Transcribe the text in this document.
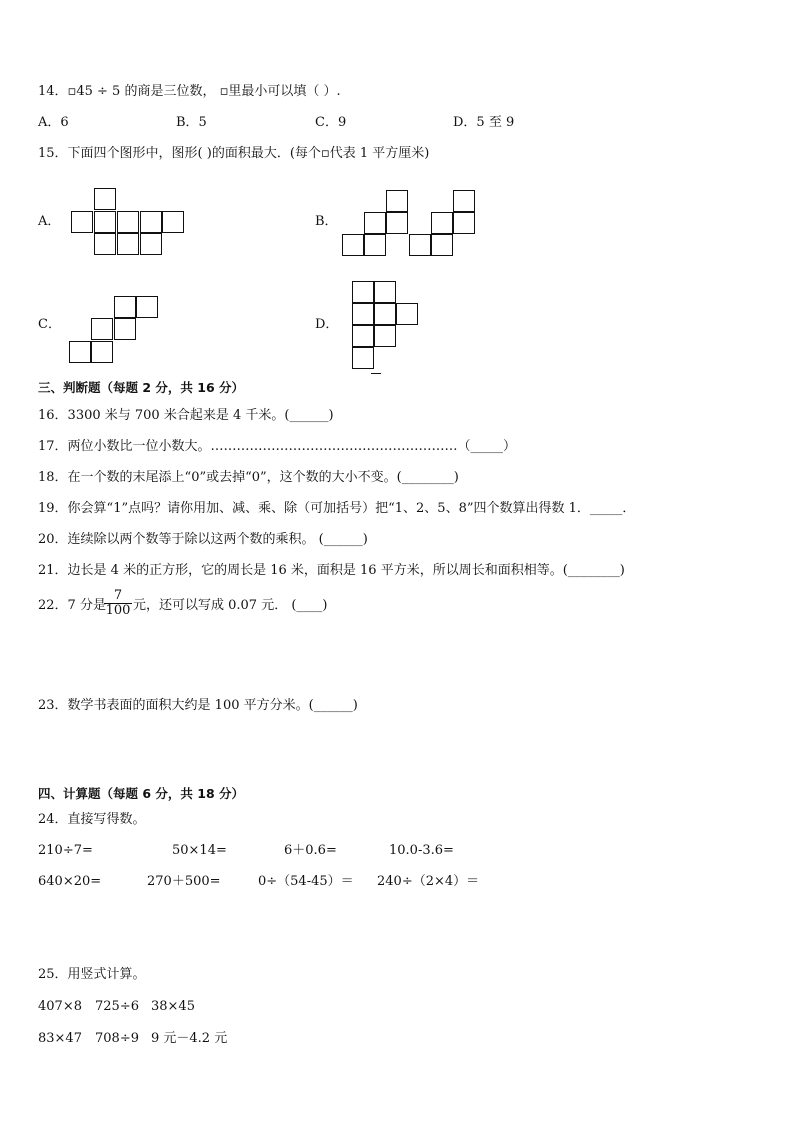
14．▫45 ÷ 5 的商是三位数， ▫里最小可以填（ ）.
A．6	B．5	C．9	D．5 至 9
15．下面四个图形中，图形( )的面积最大．(每个▫代表 1 平方厘米)
A．	B．
C．	D．
三、判断题（每题 2 分，共 16 分）
16．3300 米与 700 米合起来是 4 千米。(______)
17．两位小数比一位小数大。…………………………………………………（_____）
18．在一个数的末尾添上“0”或去掉“0”，这个数的大小不变。(________)
19．你会算“1”点吗？请你用加、减、乘、除（可加括号）把“1、2、5、8”四个数算出得数 1．_____．
20．连续除以两个数等于除以这两个数的乘积。 (______)
21．边长是 4 米的正方形，它的周长是 16 米，面积是 16 平方米，所以周长和面积相等。(________)
22．7 分是
$\frac{7}{100}$ 元，还可以写成 0.07 元． (____)
23．数学书表面的面积大约是 100 平方分米。(______)
四、计算题（每题 6 分，共 18 分）
24．直接写得数。
210÷7=	50×14=	6＋0.6=	10.0-3.6=
640×20=	270＋500=	0÷（54-45）＝ 240÷（2×4）＝
25．用竖式计算。
407×8 725÷6 38×45
83×47 708÷9 9 元－4.2 元
